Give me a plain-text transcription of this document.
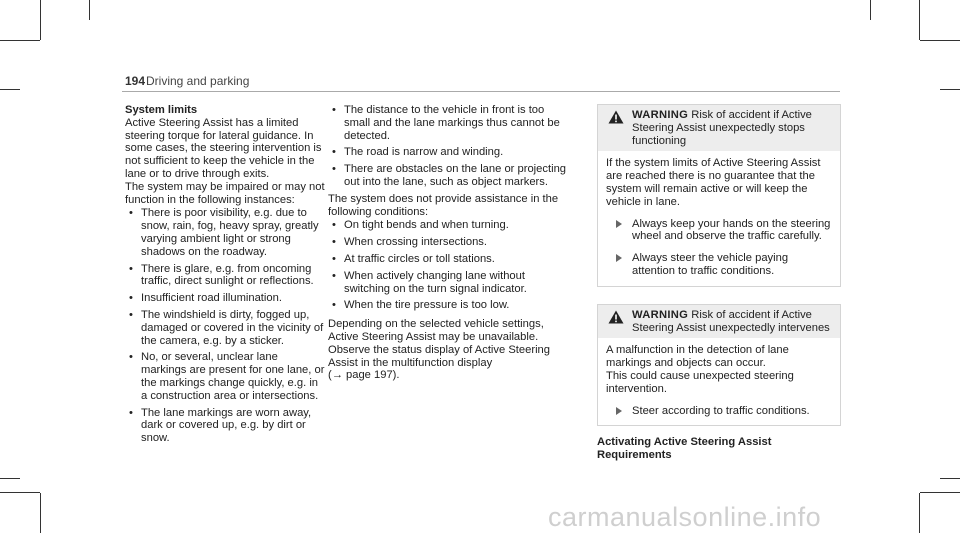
194 Driving and parking

System limits

Active Steering Assist has a limited steering torque for lateral guidance. In some cases, the steering intervention is not sufficient to keep the vehicle in the lane or to drive through exits.

The system may be impaired or may not function in the following instances:

• There is poor visibility, e.g. due to snow, rain, fog, heavy spray, greatly varying ambient light or strong shadows on the roadway.
• There is glare, e.g. from oncoming traffic, direct sunlight or reflections.
• Insufficient road illumination.
• The windshield is dirty, fogged up, damaged or covered in the vicinity of the camera, e.g. by a sticker.
• No, or several, unclear lane markings are present for one lane, or the markings change quickly, e.g. in a construction area or intersections.
• The lane markings are worn away, dark or covered up, e.g. by dirt or snow.
• The distance to the vehicle in front is too small and the lane markings thus cannot be detected.
• The road is narrow and winding.
• There are obstacles on the lane or projecting out into the lane, such as object markers.

The system does not provide assistance in the following conditions:

• On tight bends and when turning.
• When crossing intersections.
• At traffic circles or toll stations.
• When actively changing lane without switching on the turn signal indicator.
• When the tire pressure is too low.

Depending on the selected vehicle settings, Active Steering Assist may be unavailable. Observe the status display of Active Steering Assist in the multifunction display
(→ page 197).

WARNING Risk of accident if Active Steering Assist unexpectedly stops functioning

If the system limits of Active Steering Assist are reached there is no guarantee that the system will remain active or will keep the vehicle in lane.

Always keep your hands on the steering wheel and observe the traffic carefully.
Always steer the vehicle paying attention to traffic conditions.
WARNING Risk of accident if Active Steering Assist unexpectedly intervenes

A malfunction in the detection of lane markings and objects can occur.

This could cause unexpected steering intervention.

Steer according to traffic conditions.
Activating Active Steering Assist
Requirements
carmanualsonline.info
